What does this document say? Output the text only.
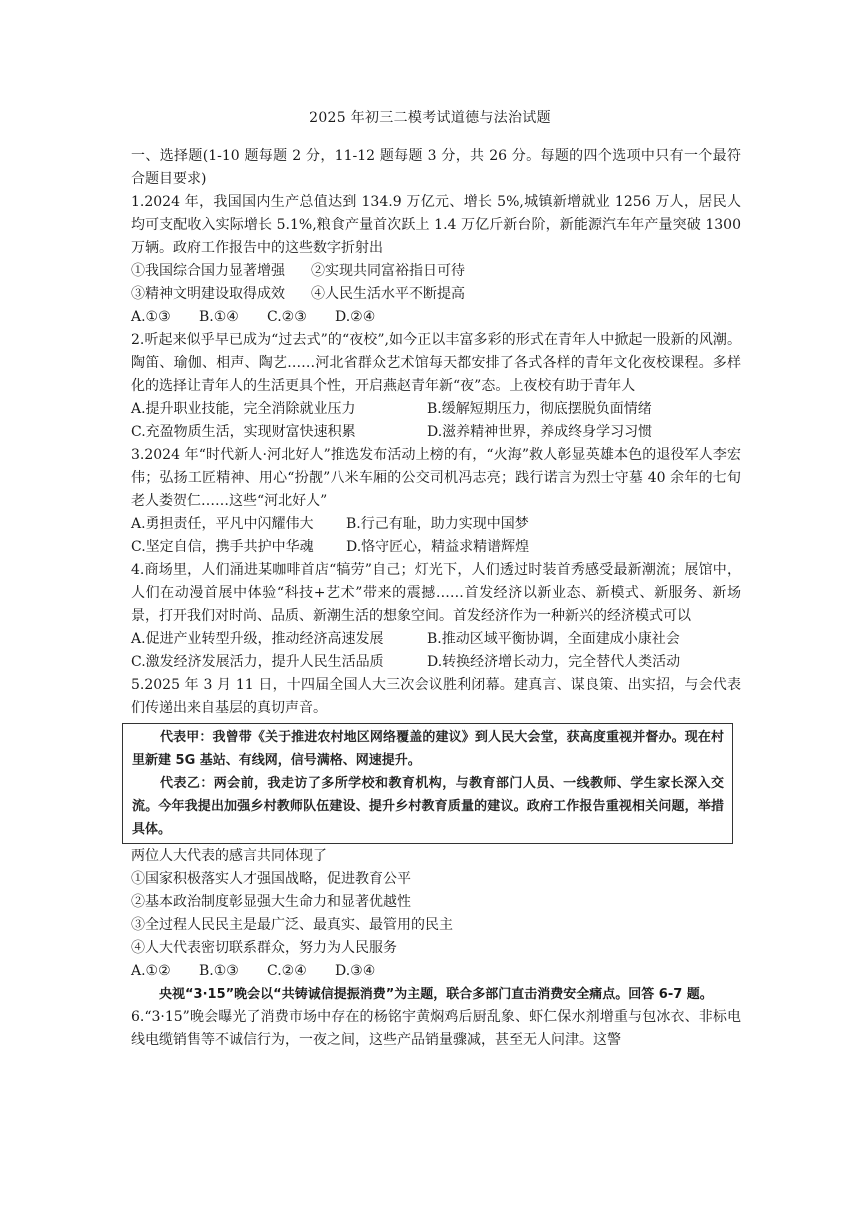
2025 年初三二模考试道德与法治试题

一、选择题(1-10 题每题 2 分，11-12 题每题 3 分，共 26 分。每题的四个选项中只有一个最符合题目要求)

1.2024 年，我国国内生产总值达到 134.9 万亿元、增长 5%,城镇新增就业 1256 万人，居民人均可支配收入实际增长 5.1%,粮食产量首次跃上 1.4 万亿斤新台阶，新能源汽车年产量突破 1300 万辆。政府工作报告中的这些数字折射出

①我国综合国力显著增强	②实现共同富裕指日可待
③精神文明建设取得成效	④人民生活水平不断提高
A.①③	B.①④	C.②③	D.②④

2.听起来似乎早已成为“过去式”的“夜校”,如今正以丰富多彩的形式在青年人中掀起一股新的风潮。陶笛、瑜伽、相声、陶艺……河北省群众艺术馆每天都安排了各式各样的青年文化夜校课程。多样化的选择让青年人的生活更具个性，开启燕赵青年新“夜”态。上夜校有助于青年人

A.提升职业技能，完全消除就业压力	B.缓解短期压力，彻底摆脱负面情绪
C.充盈物质生活，实现财富快速积累	D.滋养精神世界，养成终身学习习惯

3.2024 年“时代新人·河北好人”推选发布活动上榜的有，“火海”救人彰显英雄本色的退役军人李宏伟；弘扬工匠精神、用心“扮靓”八米车厢的公交司机冯志亮；践行诺言为烈士守墓 40 余年的七旬老人娄贺仁……这些“河北好人”

A.勇担责任，平凡中闪耀伟大	B.行己有耻，助力实现中国梦
C.坚定自信，携手共护中华魂	D.恪守匠心，精益求精谱辉煌

4.商场里，人们涌进某咖啡首店“犒劳”自己；灯光下，人们透过时装首秀感受最新潮流；展馆中，人们在动漫首展中体验“科技+艺术”带来的震撼……首发经济以新业态、新模式、新服务、新场景，打开我们对时尚、品质、新潮生活的想象空间。首发经济作为一种新兴的经济模式可以

A.促进产业转型升级，推动经济高速发展	B.推动区域平衡协调，全面建成小康社会
C.激发经济发展活力，提升人民生活品质	D.转换经济增长动力，完全替代人类活动

5.2025 年 3 月 11 日，十四届全国人大三次会议胜利闭幕。建真言、谋良策、出实招，与会代表们传递出来自基层的真切声音。

代表甲：我曾带《关于推进农村地区网络覆盖的建议》到人民大会堂，获高度重视并督办。现在村里新建 5G 基站、有线网，信号满格、网速提升。

代表乙：两会前，我走访了多所学校和教育机构，与教育部门人员、一线教师、学生家长深入交流。今年我提出加强乡村教师队伍建设、提升乡村教育质量的建议。政府工作报告重视相关问题，举措具体。

两位人大代表的感言共同体现了

①国家积极落实人才强国战略，促进教育公平

②基本政治制度彰显强大生命力和显著优越性

③全过程人民民主是最广泛、最真实、最管用的民主

④人大代表密切联系群众，努力为人民服务

A.①②	B.①③	C.②④	D.③④

央视“3·15”晚会以“共铸诚信提振消费”为主题，联合多部门直击消费安全痛点。回答 6-7 题。

6.“3·15”晚会曝光了消费市场中存在的杨铭宇黄焖鸡后厨乱象、虾仁保水剂增重与包冰衣、非标电线电缆销售等不诚信行为，一夜之间，这些产品销量骤减，甚至无人问津。这警
